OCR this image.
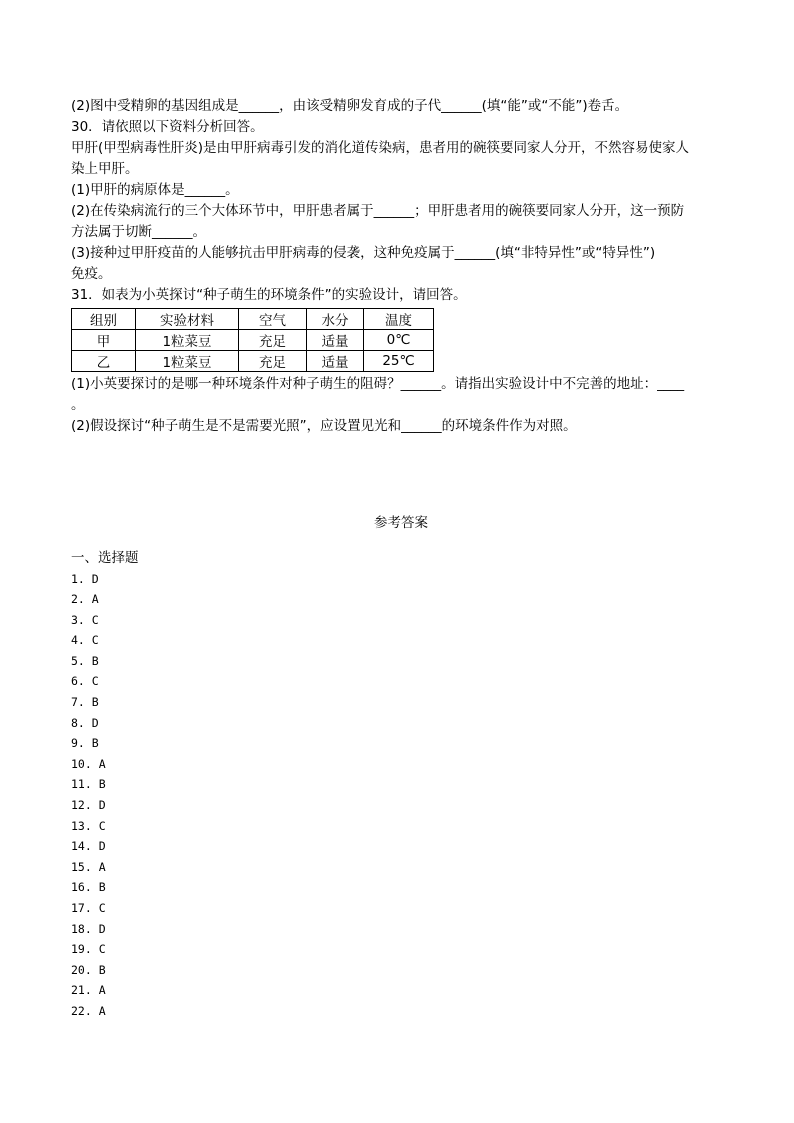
(2)图中受精卵的基因组成是______，由该受精卵发育成的子代______(填“能”或“不能”)卷舌。

30．请依照以下资料分析回答。

甲肝(甲型病毒性肝炎)是由甲肝病毒引发的消化道传染病，患者用的碗筷要同家人分开，不然容易使家人

染上甲肝。

(1)甲肝的病原体是______。

(2)在传染病流行的三个大体环节中，甲肝患者属于______；甲肝患者用的碗筷要同家人分开，这一预防

方法属于切断______。

(3)接种过甲肝疫苗的人能够抗击甲肝病毒的侵袭，这种免疫属于______(填“非特异性”或“特异性”)

免疫。

31．如表为小英探讨“种子萌生的环境条件”的实验设计，请回答。

组别	实验材料	空气	水分	温度
甲	1粒菜豆	充足	适量	0℃
乙	1粒菜豆	充足	适量	25℃

(1)小英要探讨的是哪一种环境条件对种子萌生的阻碍？______。请指出实验设计中不完善的地址：____

。

(2)假设探讨“种子萌生是不是需要光照”，应设置见光和______的环境条件作为对照。

参考答案

一、选择题

1. D
2. A
3. C
4. C
5. B
6. C
7. B
8. D
9. B
10. A
11. B
12. D
13. C
14. D
15. A
16. B
17. C
18. D
19. C
20. B
21. A
22. A
